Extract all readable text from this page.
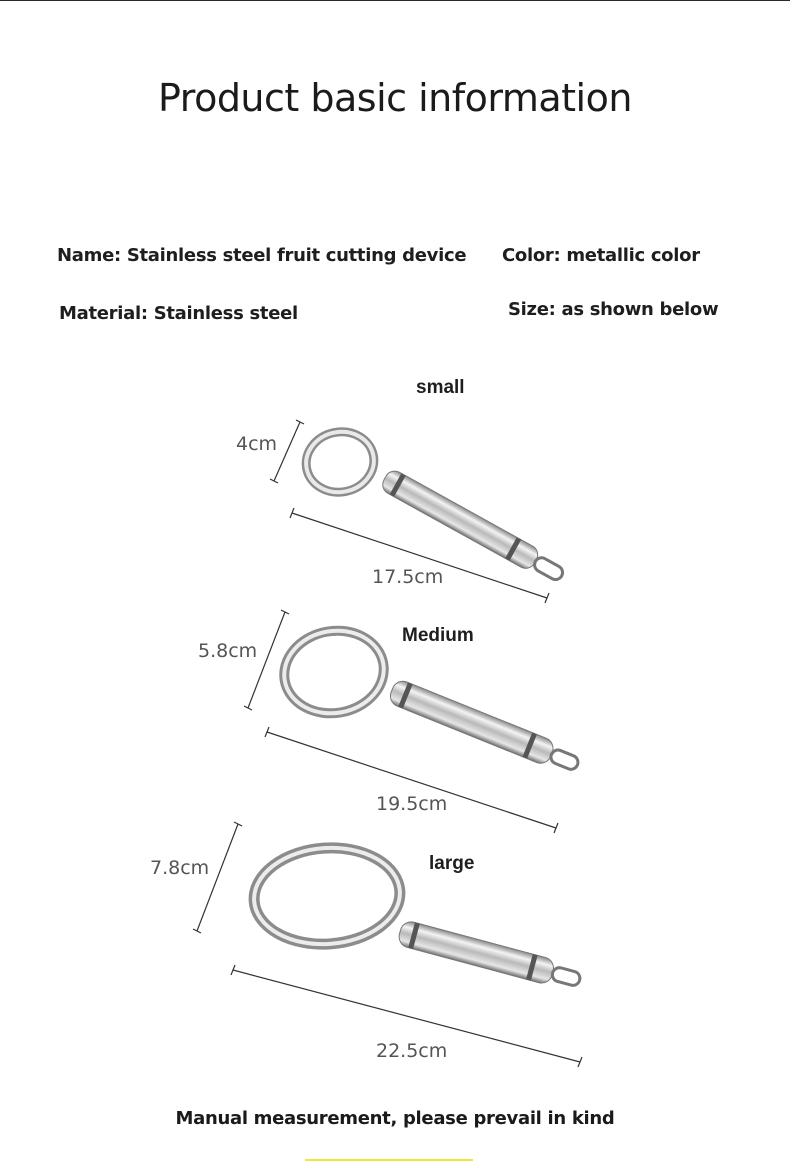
Product basic information
Name: Stainless steel fruit cutting device Color: metallic color
Material: Stainless steel	Size: as shown below
small
4cm
17.5cm
Medium
5.8cm
19.5cm
large
7.8cm
22.5cm
Manual measurement, please prevail in kind
